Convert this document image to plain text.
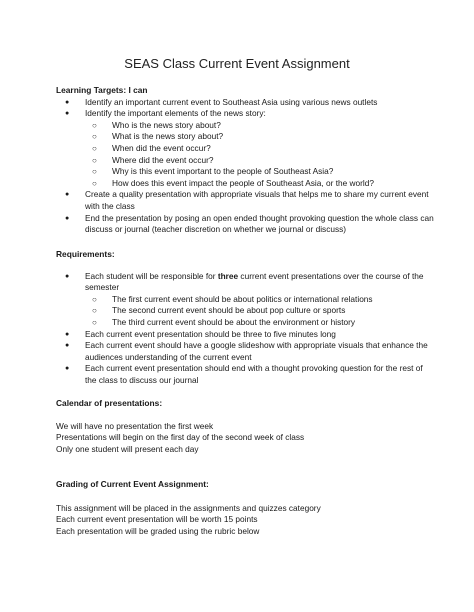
SEAS Class Current Event Assignment
Learning Targets: I can
● Identify an important current event to Southeast Asia using various news outlets
● Identify the important elements of the news story:
○ Who is the news story about?
○ What is the news story about?
○ When did the event occur?
○ Where did the event occur?
○ Why is this event important to the people of Southeast Asia?
○ How does this event impact the people of Southeast Asia, or the world?
● Create a quality presentation with appropriate visuals that helps me to share my current event with the class
● End the presentation by posing an open ended thought provoking question the whole class can discuss or journal (teacher discretion on whether we journal or discuss)
Requirements:
● Each student will be responsible for three current event presentations over the course of the semester
○ The first current event should be about politics or international relations
○ The second current event should be about pop culture or sports
○ The third current event should be about the environment or history
● Each current event presentation should be three to five minutes long
● Each current event should have a google slideshow with appropriate visuals that enhance the audiences understanding of the current event
● Each current event presentation should end with a thought provoking question for the rest of the class to discuss our journal
Calendar of presentations:

We will have no presentation the first week

Presentations will begin on the first day of the second week of class

Only one student will present each day

Grading of Current Event Assignment:

This assignment will be placed in the assignments and quizzes category

Each current event presentation will be worth 15 points

Each presentation will be graded using the rubric below
